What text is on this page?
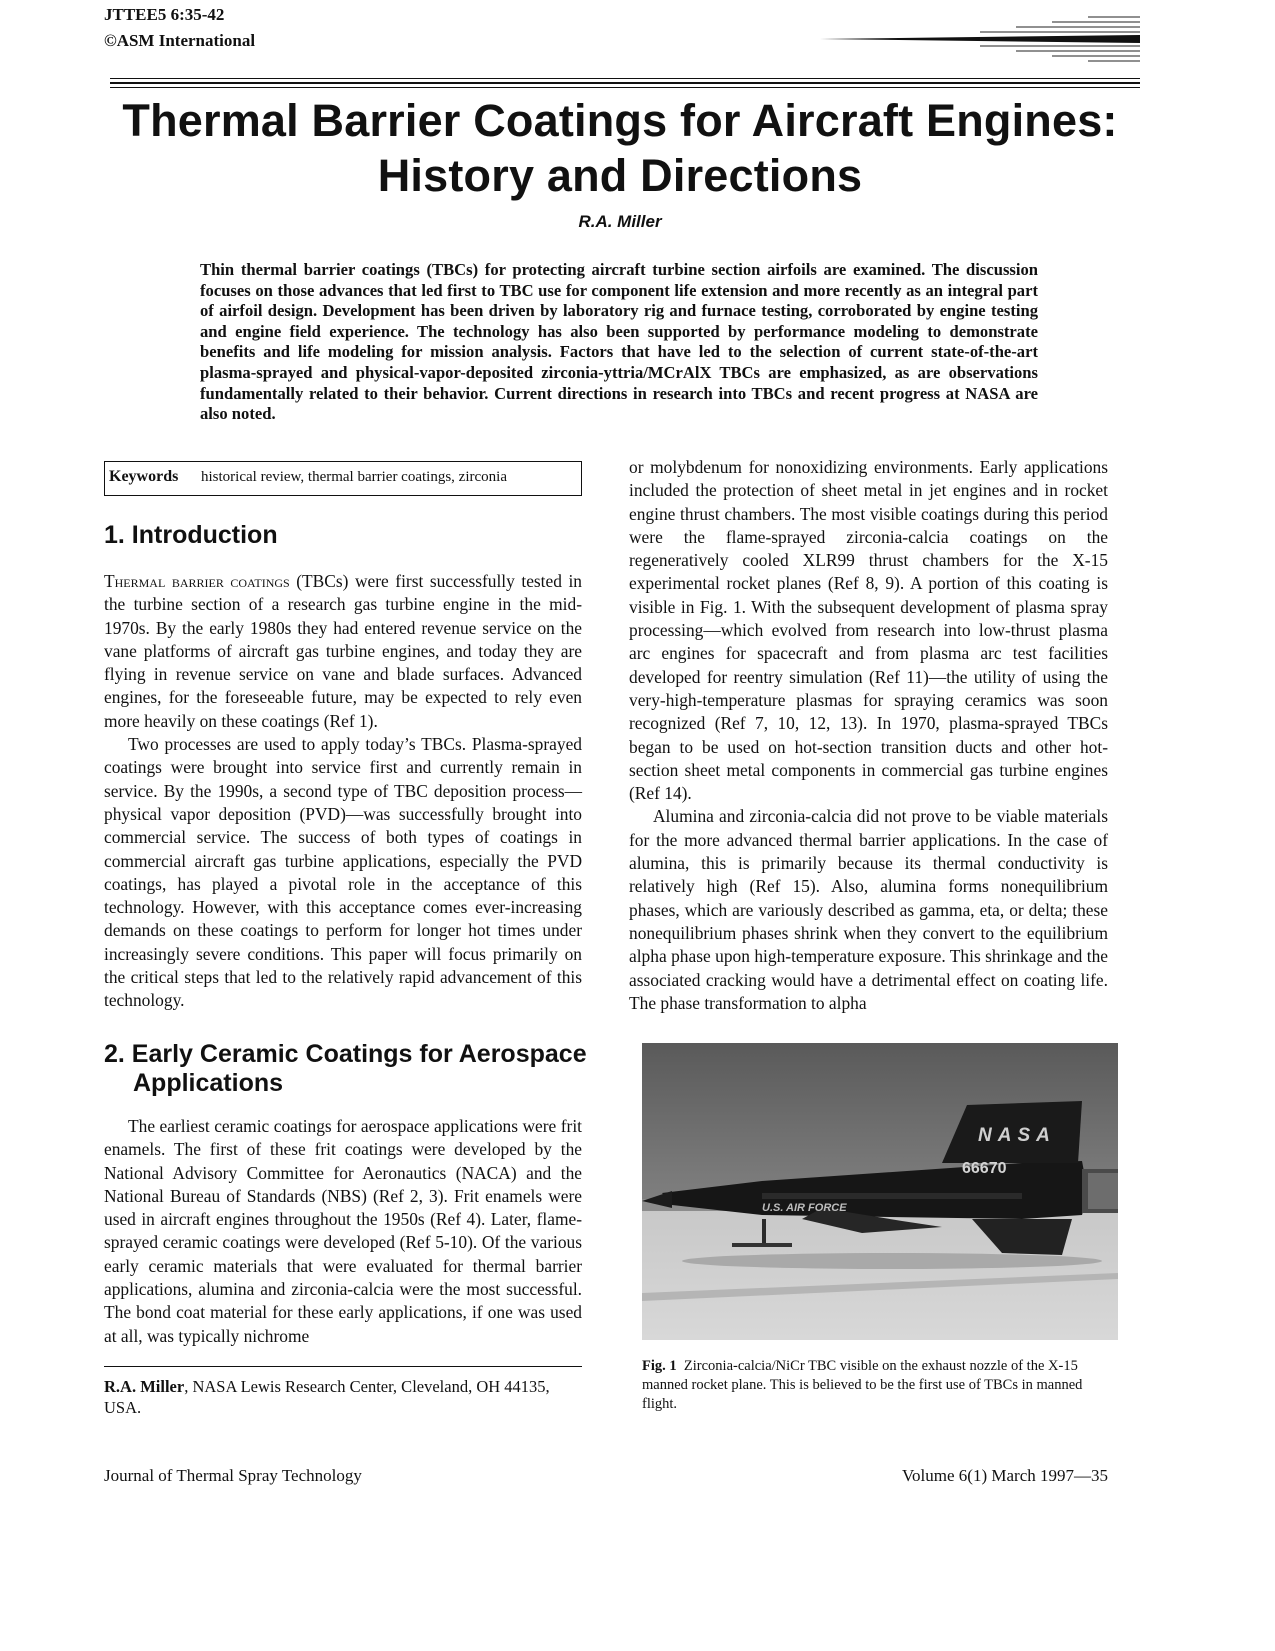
JTTEE5 6:35-42
©ASM International
Thermal Barrier Coatings for Aircraft Engines:
History and Directions
R.A. Miller
Thin thermal barrier coatings (TBCs) for protecting aircraft turbine section airfoils are examined. The discussion focuses on those advances that led first to TBC use for component life extension and more recently as an integral part of airfoil design. Development has been driven by laboratory rig and furnace testing, corroborated by engine testing and engine field experience. The technology has also been supported by performance modeling to demonstrate benefits and life modeling for mission analysis. Factors that have led to the selection of current state-of-the-art plasma-sprayed and physical-vapor-deposited zirconia-yttria/MCrAlX TBCs are emphasized, as are observations fundamentally related to their behavior. Current directions in research into TBCs and recent progress at NASA are also noted.
Keywords historical review, thermal barrier coatings, zirconia
1. Introduction

Thermal barrier coatings (TBCs) were first successfully tested in the turbine section of a research gas turbine engine in the mid-1970s. By the early 1980s they had entered revenue service on the vane platforms of aircraft gas turbine engines, and today they are flying in revenue service on vane and blade surfaces. Advanced engines, for the foreseeable future, may be expected to rely even more heavily on these coatings (Ref 1).

Two processes are used to apply today’s TBCs. Plasma-sprayed coatings were brought into service first and currently remain in service. By the 1990s, a second type of TBC deposition process—physical vapor deposition (PVD)—was successfully brought into commercial service. The success of both types of coatings in commercial aircraft gas turbine applications, especially the PVD coatings, has played a pivotal role in the acceptance of this technology. However, with this acceptance comes ever-increasing demands on these coatings to perform for longer hot times under increasingly severe conditions. This paper will focus primarily on the critical steps that led to the relatively rapid advancement of this technology.

2. Early Ceramic Coatings for Aerospace
Applications

The earliest ceramic coatings for aerospace applications were frit enamels. The first of these frit coatings were developed by the National Advisory Committee for Aeronautics (NACA) and the National Bureau of Standards (NBS) (Ref 2, 3). Frit enamels were used in aircraft engines throughout the 1950s (Ref 4). Later, flame-sprayed ceramic coatings were developed (Ref 5-10). Of the various early ceramic materials that were evaluated for thermal barrier applications, alumina and zirconia-calcia were the most successful. The bond coat material for these early applications, if one was used at all, was typically nichrome

R.A. Miller, NASA Lewis Research Center, Cleveland, OH 44135, USA.

or molybdenum for nonoxidizing environments. Early applications included the protection of sheet metal in jet engines and in rocket engine thrust chambers. The most visible coatings during this period were the flame-sprayed zirconia-calcia coatings on the regeneratively cooled XLR99 thrust chambers for the X-15 experimental rocket planes (Ref 8, 9). A portion of this coating is visible in Fig. 1. With the subsequent development of plasma spray processing—which evolved from research into low-thrust plasma arc engines for spacecraft and from plasma arc test facilities developed for reentry simulation (Ref 11)—the utility of using the very-high-temperature plasmas for spraying ceramics was soon recognized (Ref 7, 10, 12, 13). In 1970, plasma-sprayed TBCs began to be used on hot-section transition ducts and other hot-section sheet metal components in commercial gas turbine engines (Ref 14).

Alumina and zirconia-calcia did not prove to be viable materials for the more advanced thermal barrier applications. In the case of alumina, this is primarily because its thermal conductivity is relatively high (Ref 15). Also, alumina forms nonequilibrium phases, which are variously described as gamma, eta, or delta; these nonequilibrium phases shrink when they convert to the equilibrium alpha phase upon high-temperature exposure. This shrinkage and the associated cracking would have a detrimental effect on coating life. The phase transformation to alpha

NASA
66670
U.S. AIR FORCE
Fig. 1 Zirconia-calcia/NiCr TBC visible on the exhaust nozzle of the X-15 manned rocket plane. This is believed to be the first use of TBCs in manned flight.
Journal of Thermal Spray Technology	Volume 6(1) March 1997—35
